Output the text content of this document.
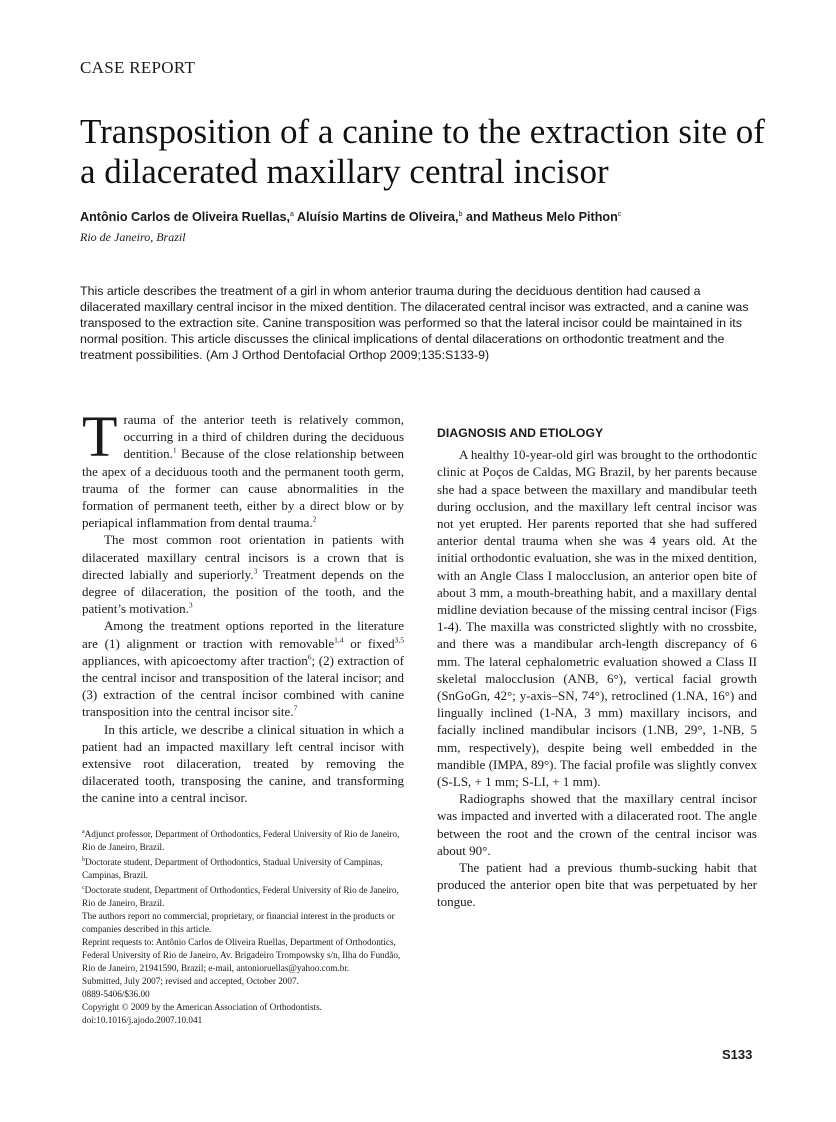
CASE REPORT
Transposition of a canine to the extraction site of a dilacerated maxillary central incisor
Antônio Carlos de Oliveira Ruellas,$^a$ Aluísio Martins de Oliveira,$^b$ and Matheus Melo Pithon$^c$
Rio de Janeiro, Brazil

This article describes the treatment of a girl in whom anterior trauma during the deciduous dentition had caused a dilacerated maxillary central incisor in the mixed dentition. The dilacerated central incisor was extracted, and a canine was transposed to the extraction site. Canine transposition was performed so that the lateral incisor could be maintained in its normal position. This article discusses the clinical implications of dental dilacerations on orthodontic treatment and the treatment possibilities. (Am J Orthod Dentofacial Orthop 2009;135:S133-9)

Trauma of the anterior teeth is relatively common, occurring in a third of children during the deciduous dentition.$^1$ Because of the close relationship between the apex of a deciduous tooth and the permanent tooth germ, trauma of the former can cause abnormalities in the formation of permanent teeth, either by a direct blow or by periapical inflammation from dental trauma.$^2$

The most common root orientation in patients with dilacerated maxillary central incisors is a crown that is directed labially and superiorly.$^3$ Treatment depends on the degree of dilaceration, the position of the tooth, and the patient’s motivation.$^3$

Among the treatment options reported in the literature are (1) alignment or traction with removable$^{1,4}$ or fixed$^{3,5}$ appliances, with apicoectomy after traction$^6$; (2) extraction of the central incisor and transposition of the lateral incisor; and (3) extraction of the central incisor combined with canine transposition into the central incisor site.$^7$

In this article, we describe a clinical situation in which a patient had an impacted maxillary left central incisor with extensive root dilaceration, treated by removing the dilacerated tooth, transposing the canine, and transforming the canine into a central incisor.

DIAGNOSIS AND ETIOLOGY

A healthy 10-year-old girl was brought to the orthodontic clinic at Poços de Caldas, MG Brazil, by her parents because she had a space between the maxillary and mandibular teeth during occlusion, and the maxillary left central incisor was not yet erupted. Her parents reported that she had suffered anterior dental trauma when she was 4 years old. At the initial orthodontic evaluation, she was in the mixed dentition, with an Angle Class I malocclusion, an anterior open bite of about 3 mm, a mouth-breathing habit, and a maxillary dental midline deviation because of the missing central incisor (Figs 1-4). The maxilla was constricted slightly with no crossbite, and there was a mandibular arch-length discrepancy of 6 mm. The lateral cephalometric evaluation showed a Class II skeletal malocclusion (ANB, 6°), vertical facial growth (SnGoGn, 42°; y-axis–SN, 74°), retroclined (1.NA, 16°) and lingually inclined (1-NA, 3 mm) maxillary incisors, and facially inclined mandibular incisors (1.NB, 29°, 1-NB, 5 mm, respectively), despite being well embedded in the mandible (IMPA, 89°). The facial profile was slightly convex (S-LS, + 1 mm; S-LI, + 1 mm).

Radiographs showed that the maxillary central incisor was impacted and inverted with a dilacerated root. The angle between the root and the crown of the central incisor was about 90°.

The patient had a previous thumb-sucking habit that produced the anterior open bite that was perpetuated by her tongue.

$^a$Adjunct professor, Department of Orthodontics, Federal University of Rio de Janeiro, Rio de Janeiro, Brazil.
$^b$Doctorate student, Department of Orthodontics, Stadual University of Campinas, Campinas, Brazil.
$^c$Doctorate student, Department of Orthodontics, Federal University of Rio de Janeiro, Rio de Janeiro, Brazil.
The authors report no commercial, proprietary, or financial interest in the products or companies described in this article.
Reprint requests to: Antônio Carlos de Oliveira Ruellas, Department of Orthodontics, Federal University of Rio de Janeiro, Av. Brigadeiro Trompowsky s/n, Ilha do Fundão, Rio de Janeiro, 21941590, Brazil; e-mail, antonioruellas@yahoo.com.br.
Submitted, July 2007; revised and accepted, October 2007.
0889-5406/$36.00
Copyright © 2009 by the American Association of Orthodontists.
doi:10.1016/j.ajodo.2007.10.041
S133
